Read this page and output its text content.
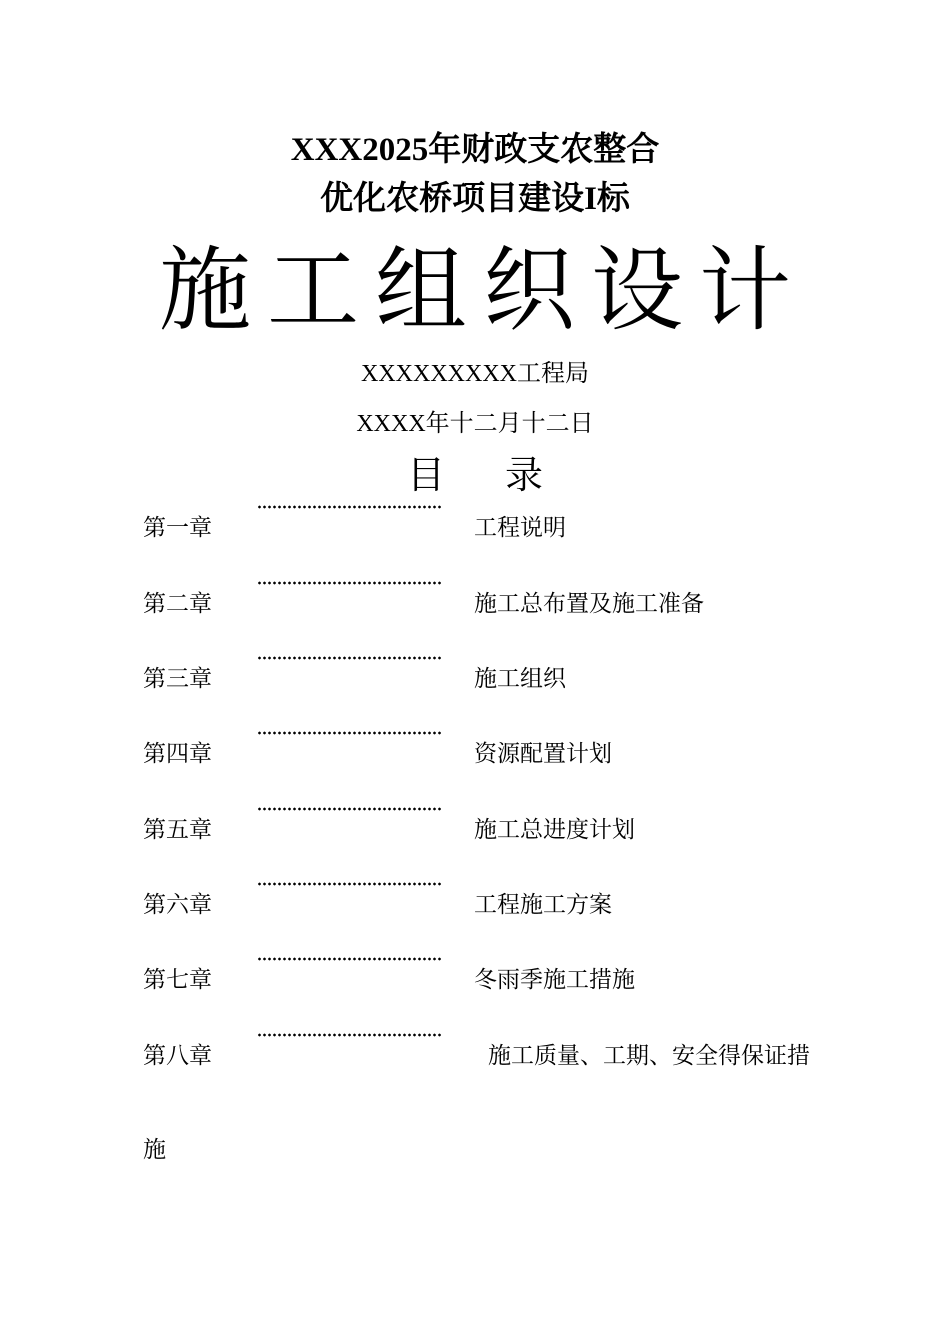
XXX2025年财政支农整合
优化农桥项目建设I标
施工组织设计
XXXXXXXXX工程局
XXXX年十二月十二日
目 录
第一章	工程说明
第二章	施工总布置及施工准备
第三章	施工组织
第四章	资源配置计划
第五章	施工总进度计划
第六章	工程施工方案
第七章	冬雨季施工措施
第八章	施工质量、工期、安全得保证措
施
